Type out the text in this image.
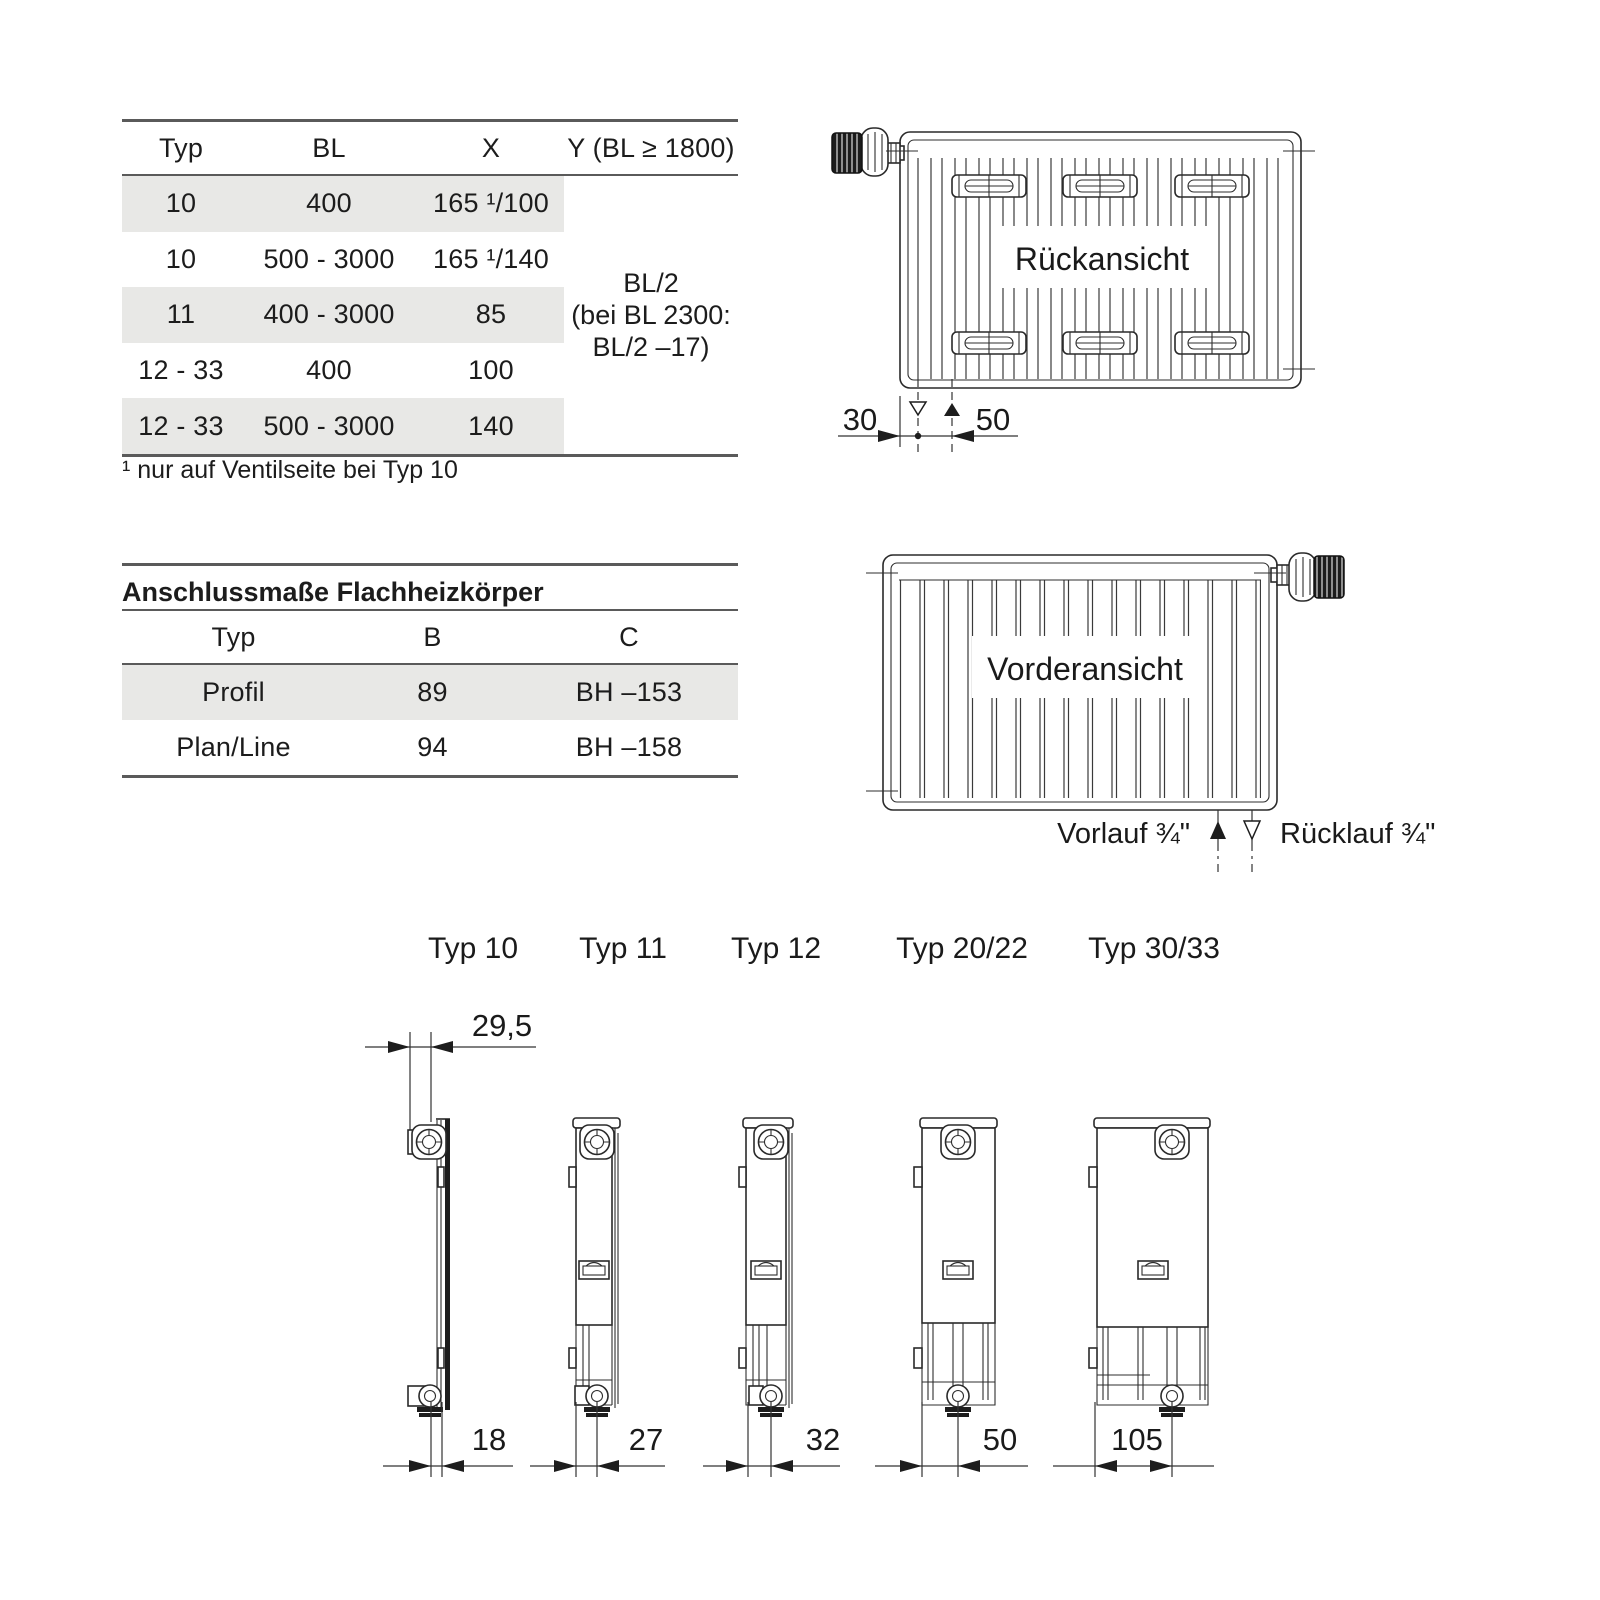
Typ	BL	X	Y (BL ≥ 1800)
10	400	165 ¹/100
10	500 - 3000	165 ¹/140
11	400 - 3000	85
12 - 33	400	100
12 - 33	500 - 3000	140
BL/2
(bei BL 2300:
BL/2 –17)
¹ nur auf Ventilseite bei Typ 10
Anschlussmaße Flachheizkörper
Typ	B	C
Profil	89	BH –153
Plan/Line	94	BH –158
Rückansicht
30	50
Vorderansicht
Vorlauf ¾"	Rücklauf ¾"
Typ 10 Typ 11 Typ 12	Typ 20/22 Typ 30/33
29,5
18	27	32	50	105
